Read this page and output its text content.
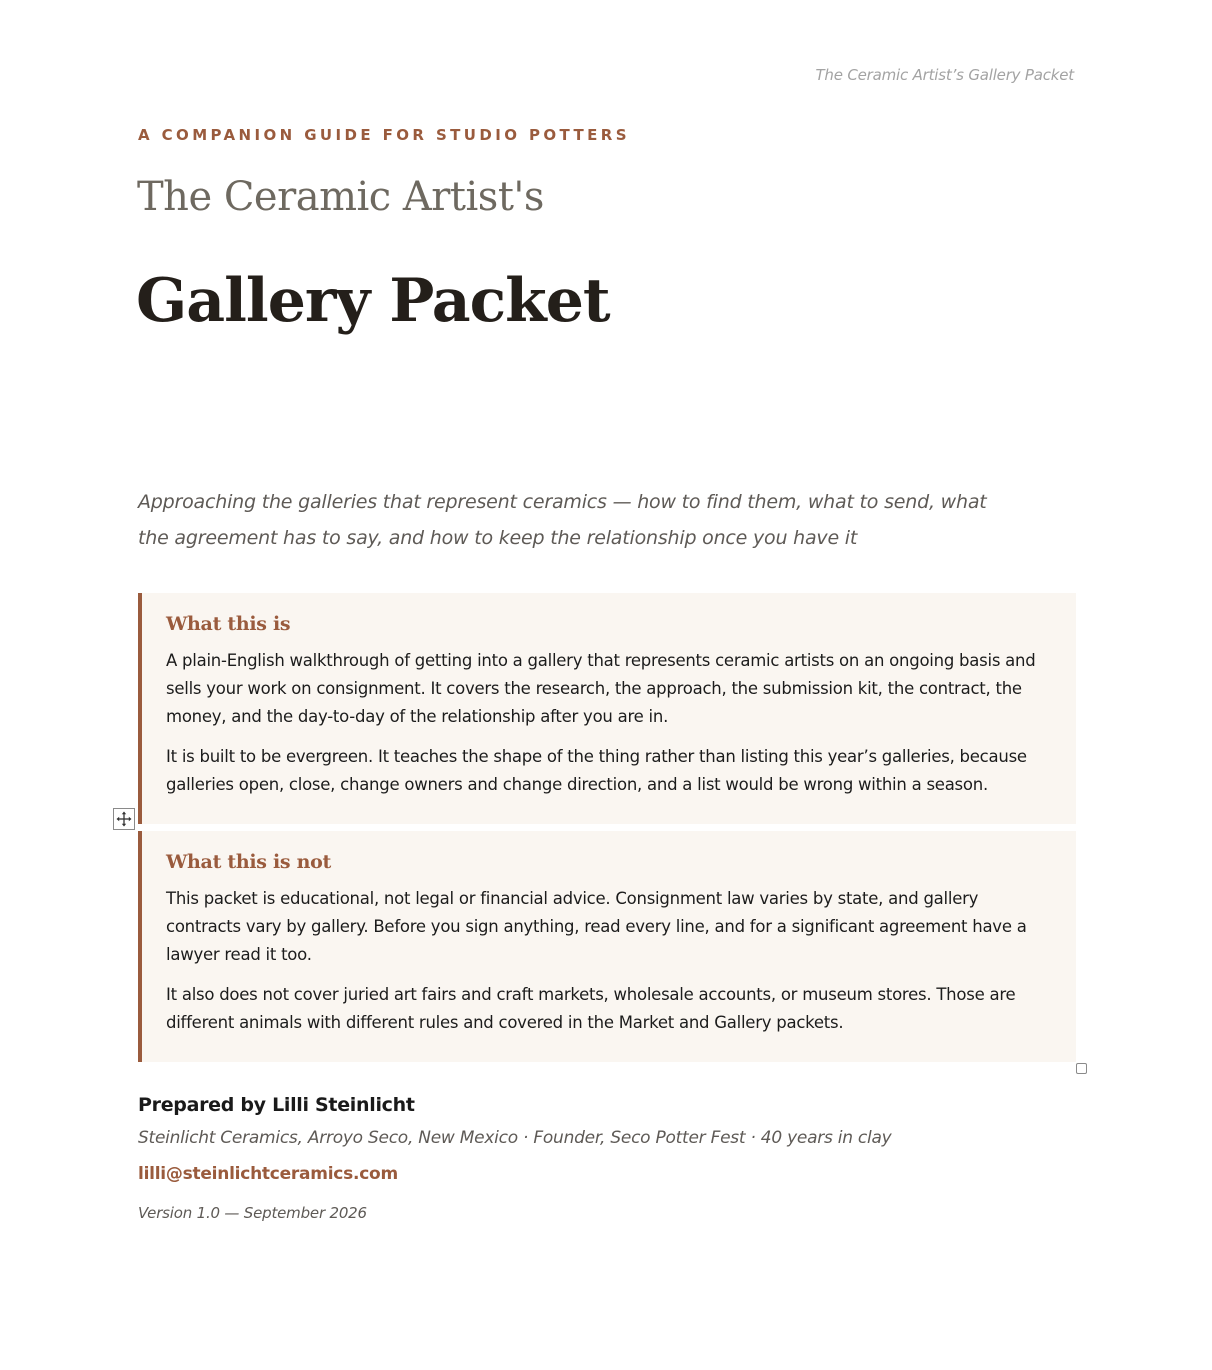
The Ceramic Artist’s Gallery Packet
A COMPANION GUIDE FOR STUDIO POTTERS
The Ceramic Artist's
Gallery Packet
Approaching the galleries that represent ceramics — how to find them, what to send, what the agreement has to say, and how to keep the relationship once you have it
What this is

A plain-English walkthrough of getting into a gallery that represents ceramic artists on an ongoing basis and sells your work on consignment. It covers the research, the approach, the submission kit, the contract, the money, and the day-to-day of the relationship after you are in.

It is built to be evergreen. It teaches the shape of the thing rather than listing this year’s galleries, because galleries open, close, change owners and change direction, and a list would be wrong within a season.

What this is not

This packet is educational, not legal or financial advice. Consignment law varies by state, and gallery contracts vary by gallery. Before you sign anything, read every line, and for a significant agreement have a lawyer read it too.

It also does not cover juried art fairs and craft markets, wholesale accounts, or museum stores. Those are different animals with different rules and covered in the Market and Gallery packets.

Prepared by Lilli Steinlicht
Steinlicht Ceramics, Arroyo Seco, New Mexico · Founder, Seco Potter Fest · 40 years in clay
lilli@steinlichtceramics.com
Version 1.0 — September 2026
